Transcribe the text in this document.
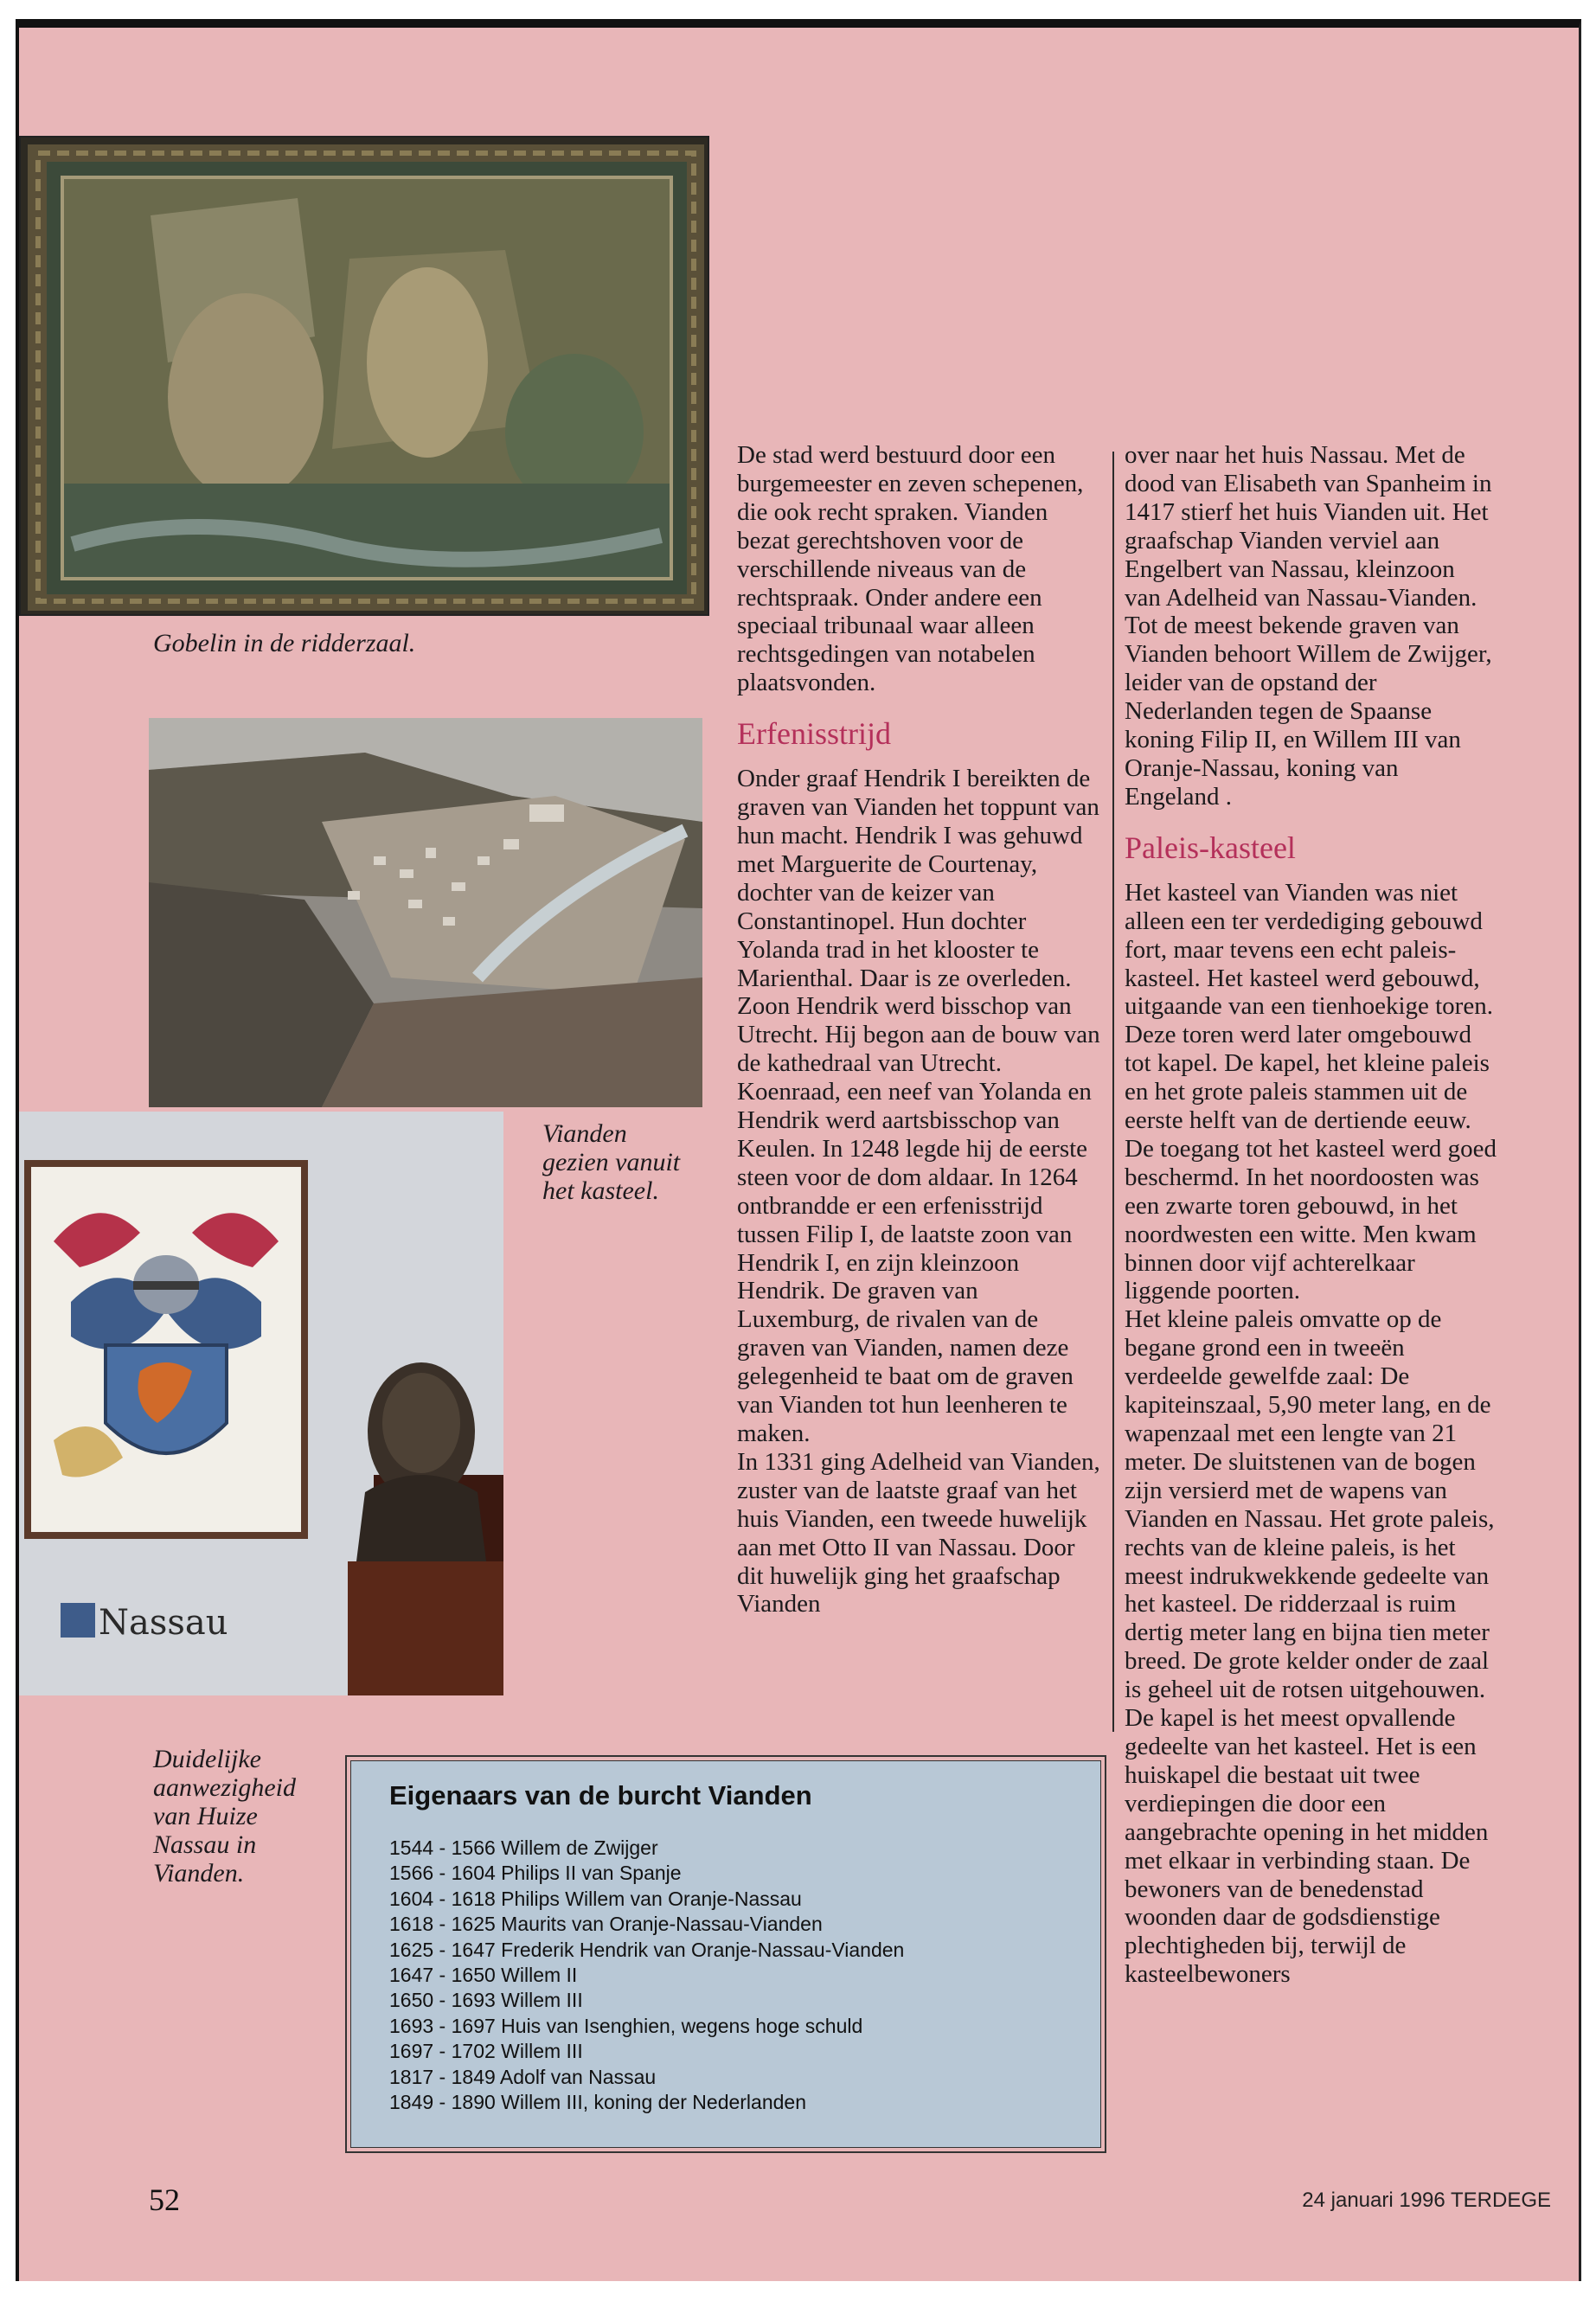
Gobelin in de ridderzaal.
Vianden gezien vanuit het kasteel.
Nassau
Duidelijke aanwezigheid van Huize Nassau in Vianden.

De stad werd bestuurd door een burgemeester en zeven schepenen, die ook recht spraken. Vianden bezat gerechtshoven voor de verschillende niveaus van de rechtspraak. Onder andere een speciaal tribunaal waar alleen rechtsgedingen van notabelen plaatsvonden.

Erfenisstrijd

Onder graaf Hendrik I bereikten de graven van Vianden het toppunt van hun macht. Hendrik I was gehuwd met Marguerite de Courtenay, dochter van de keizer van Constantinopel. Hun dochter Yolanda trad in het klooster te Marienthal. Daar is ze overleden. Zoon Hendrik werd bisschop van Utrecht. Hij begon aan de bouw van de kathedraal van Utrecht. Koenraad, een neef van Yolanda en Hendrik werd aartsbisschop van Keulen. In 1248 legde hij de eerste steen voor de dom aldaar. In 1264 ontbrandde er een erfenisstrijd tussen Filip I, de laatste zoon van Hendrik I, en zijn kleinzoon Hendrik. De graven van Luxemburg, de rivalen van de graven van Vianden, namen deze gelegenheid te baat om de graven van Vianden tot hun leenheren te maken.

In 1331 ging Adelheid van Vianden, zuster van de laatste graaf van het huis Vianden, een tweede huwelijk aan met Otto II van Nassau. Door dit huwelijk ging het graafschap Vianden

over naar het huis Nassau. Met de dood van Elisabeth van Spanheim in 1417 stierf het huis Vianden uit. Het graafschap Vianden verviel aan Engelbert van Nassau, kleinzoon van Adelheid van Nassau-Vianden. Tot de meest bekende graven van Vianden behoort Willem de Zwijger, leider van de opstand der Nederlanden tegen de Spaanse koning Filip II, en Willem III van Oranje-Nassau, koning van Engeland .

Paleis-kasteel

Het kasteel van Vianden was niet alleen een ter verdediging gebouwd fort, maar tevens een echt paleis-kasteel. Het kasteel werd gebouwd, uitgaande van een tienhoekige toren. Deze toren werd later omgebouwd tot kapel. De kapel, het kleine paleis en het grote paleis stammen uit de eerste helft van de dertiende eeuw. De toegang tot het kasteel werd goed beschermd. In het noordoosten was een zwarte toren gebouwd, in het noordwesten een witte. Men kwam binnen door vijf achterelkaar liggende poorten.

Het kleine paleis omvatte op de begane grond een in tweeën verdeelde gewelfde zaal: De kapiteinszaal, 5,90 meter lang, en de wapenzaal met een lengte van 21 meter. De sluitstenen van de bogen zijn versierd met de wapens van Vianden en Nassau. Het grote paleis, rechts van de kleine paleis, is het meest indrukwekkende gedeelte van het kasteel. De ridderzaal is ruim dertig meter lang en bijna tien meter breed. De grote kelder onder de zaal is geheel uit de rotsen uitgehouwen. De kapel is het meest opvallende gedeelte van het kasteel. Het is een huiskapel die bestaat uit twee verdiepingen die door een aangebrachte opening in het midden met elkaar in verbinding staan. De bewoners van de benedenstad woonden daar de godsdienstige plechtigheden bij, terwijl de kasteelbewoners

Eigenaars van de burcht Vianden
1544 - 1566 Willem de Zwijger
1566 - 1604 Philips II van Spanje
1604 - 1618 Philips Willem van Oranje-Nassau
1618 - 1625 Maurits van Oranje-Nassau-Vianden
1625 - 1647 Frederik Hendrik van Oranje-Nassau-Vianden
1647 - 1650 Willem II
1650 - 1693 Willem III
1693 - 1697 Huis van Isenghien, wegens hoge schuld
1697 - 1702 Willem III
1817 - 1849 Adolf van Nassau
1849 - 1890 Willem III, koning der Nederlanden
52	24 januari 1996 TERDEGE
